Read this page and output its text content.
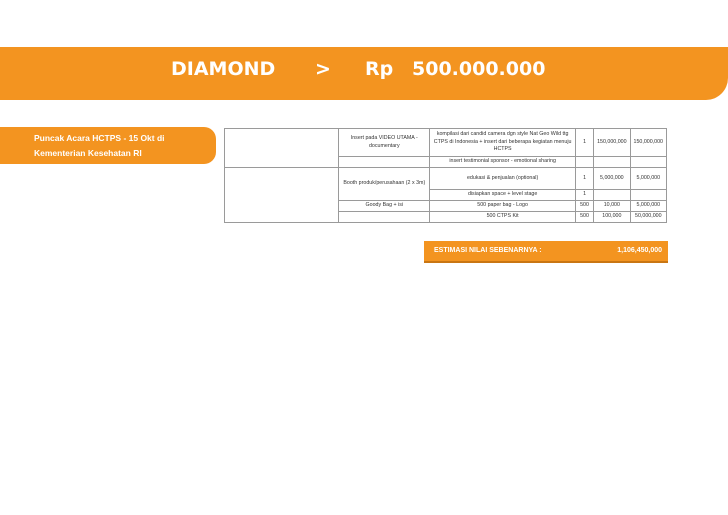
DIAMOND > Rp 500.000.000
Puncak Acara HCTPS - 15 Okt di
Kementerian Kesehatan RI
	Insert pada VIDEO UTAMA - documentary	kompilasi dari candid camera dgn style Nat Geo Wild ttg CTPS di Indonesia + insert dari beberapa kegiatan menuju HCTPS	1	150,000,000	150,000,000
		insert testimonial sponsor - emotional sharing			
	Booth produk/perusahaan (2 x 3m)	edukasi & penjualan (optional)	1	5,000,000	5,000,000
		disiapkan space + level stage	1		
	Goody Bag + isi	500 paper bag - Logo	500	10,000	5,000,000
		500 CTPS Kit	500	100,000	50,000,000
ESTIMASI NILAI SEBENARNYA :	1,106,450,000
